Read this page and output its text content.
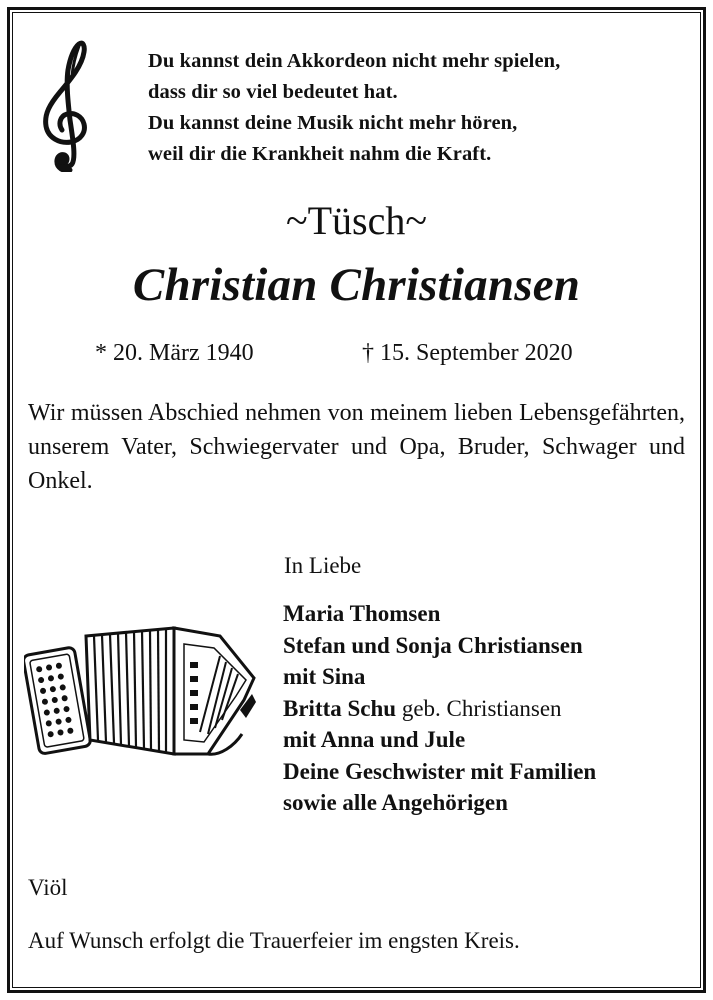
Du kannst dein Akkordeon nicht mehr spielen,
dass dir so viel bedeutet hat.
Du kannst deine Musik nicht mehr hören,
weil dir die Krankheit nahm die Kraft.
~Tüsch~
Christian Christiansen
* 20. März 1940	† 15. September 2020
Wir müssen Abschied nehmen von meinem lieben Lebensgefährten, unserem Vater, Schwiegervater und Opa, Bruder, Schwager und Onkel.
In Liebe
Maria Thomsen
Stefan und Sonja Christiansen
mit Sina
Britta Schu geb. Christiansen
mit Anna und Jule
Deine Geschwister mit Familien
sowie alle Angehörigen
Viöl
Auf Wunsch erfolgt die Trauerfeier im engsten Kreis.
